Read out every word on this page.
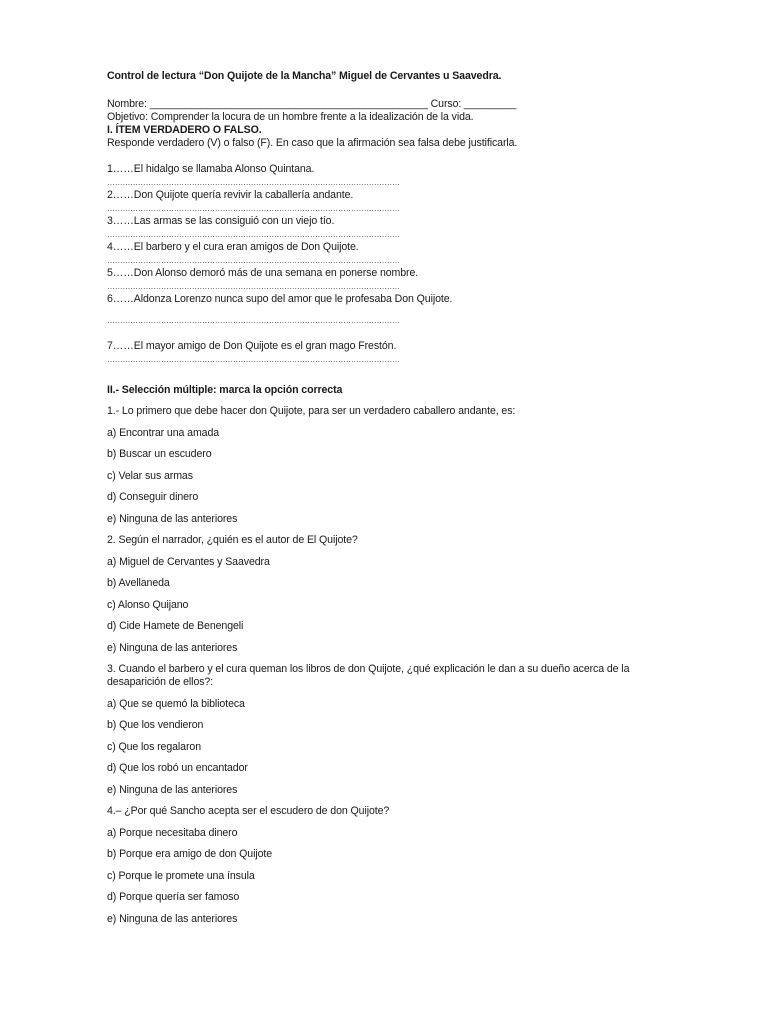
Control de lectura “Don Quijote de la Mancha” Miguel de Cervantes u Saavedra.
Nombre: ________________________________________________ Curso: _________
Objetivo: Comprender la locura de un hombre frente a la idealización de la vida.
I. ÍTEM VERDADERO O FALSO.
Responde verdadero (V) o falso (F). En caso que la afirmación sea falsa debe justificarla.
1……El hidalgo se llamaba Alonso Quintana.
……………………………………………………………………………………………………
2……Don Quijote quería revivir la caballería andante.
……………………………………………………………………………………………………
3……Las armas se las consiguió con un viejo tío.
……………………………………………………………………………………………………
4……El barbero y el cura eran amigos de Don Quijote.
……………………………………………………………………………………………………
5……Don Alonso demoró más de una semana en ponerse nombre.
……………………………………………………………………………………………………
6……Aldonza Lorenzo nunca supo del amor que le profesaba Don Quijote.
……………………………………………………………………………………………………
7……El mayor amigo de Don Quijote es el gran mago Frestón.
……………………………………………………………………………………………………
II.- Selección múltiple: marca la opción correcta
1.- Lo primero que debe hacer don Quijote, para ser un verdadero caballero andante, es:
a) Encontrar una amada
b) Buscar un escudero
c) Velar sus armas
d) Conseguir dinero
e) Ninguna de las anteriores
2. Según el narrador, ¿quién es el autor de El Quijote?
a) Miguel de Cervantes y Saavedra
b) Avellaneda
c) Alonso Quijano
d) Cide Hamete de Benengeli
e) Ninguna de las anteriores
3. Cuando el barbero y el cura queman los libros de don Quijote, ¿qué explicación le dan a su dueño acerca de la desaparición de ellos?:
a) Que se quemó la biblioteca
b) Que los vendieron
c) Que los regalaron
d) Que los robó un encantador
e) Ninguna de las anteriores
4.– ¿Por qué Sancho acepta ser el escudero de don Quijote?
a) Porque necesitaba dinero
b) Porque era amigo de don Quijote
c) Porque le promete una ínsula
d) Porque quería ser famoso
e) Ninguna de las anteriores
